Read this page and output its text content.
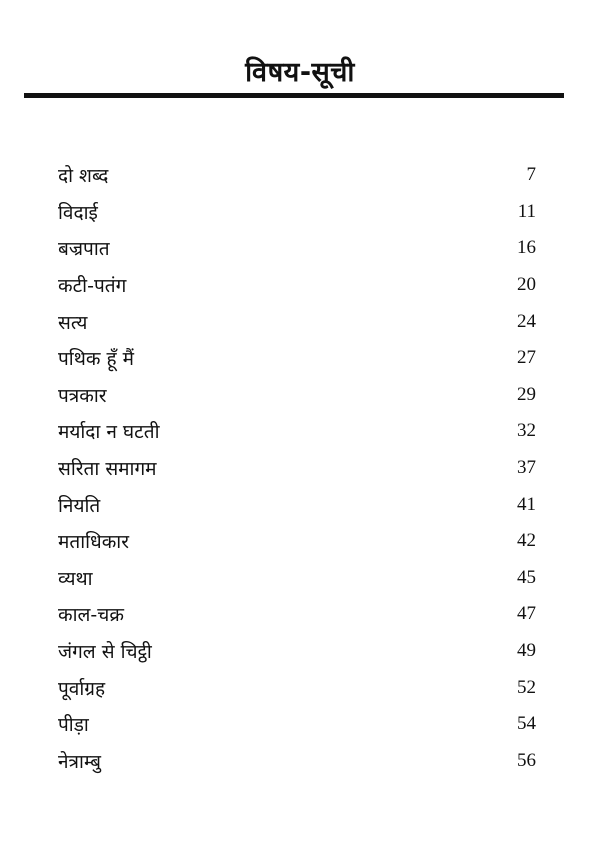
विषय-सूची
दो शब्द	7
विदाई	11
बज्रपात	16
कटी-पतंग	20
सत्य	24
पथिक हूँ मैं	27
पत्रकार	29
मर्यादा न घटती	32
सरिता समागम	37
नियति	41
मताधिकार	42
व्यथा	45
काल-चक्र	47
जंगल से चिट्ठी	49
पूर्वाग्रह	52
पीड़ा	54
नेत्राम्बु	56
